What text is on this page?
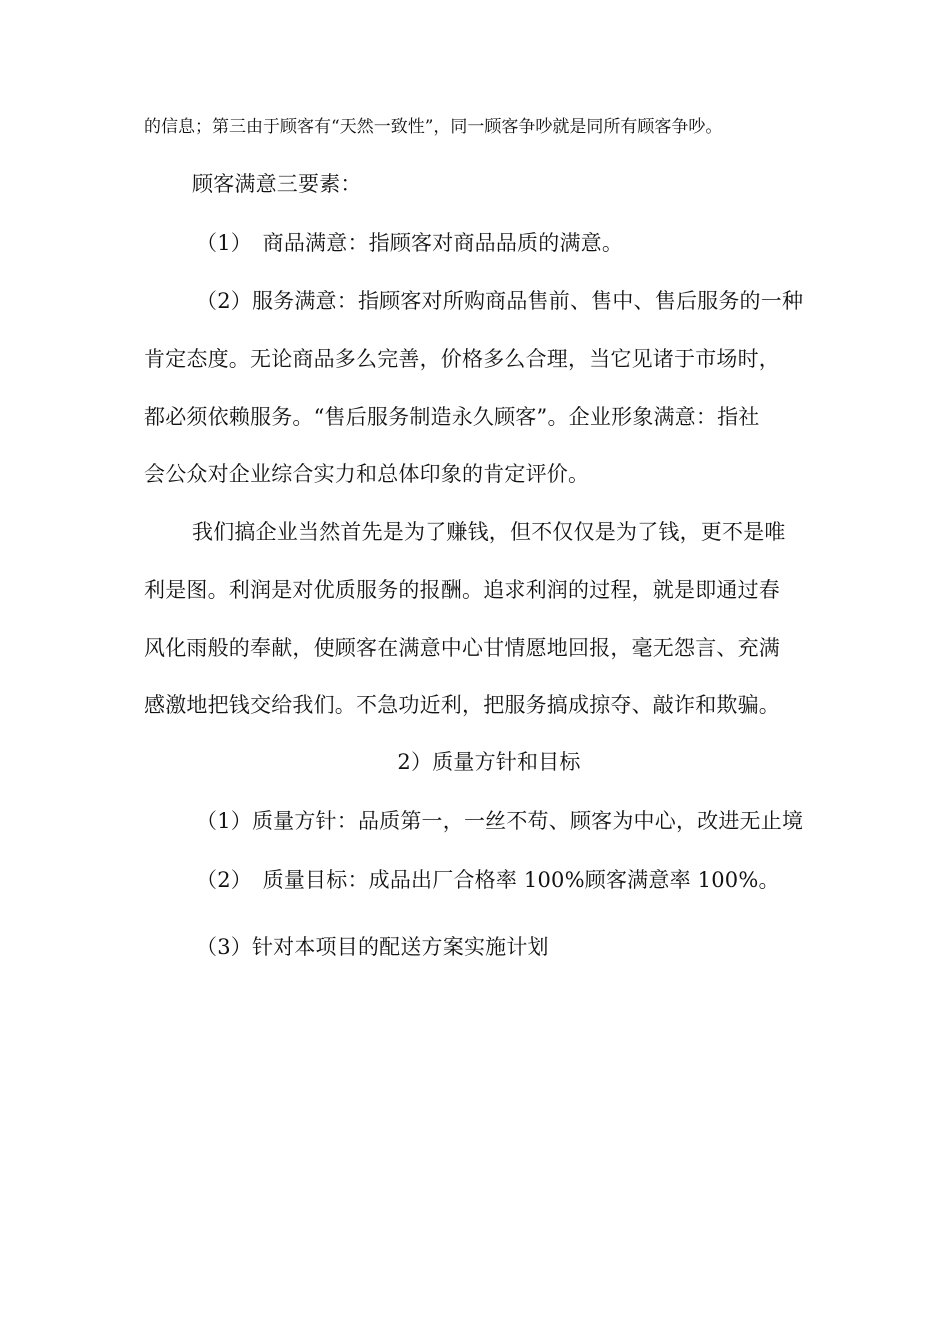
的信息；第三由于顾客有“天然一致性”，同一顾客争吵就是同所有顾客争吵。
顾客满意三要素：
（1）　商品满意：指顾客对商品品质的满意。
（2）服务满意：指顾客对所购商品售前、售中、售后服务的一种
肯定态度。无论商品多么完善，价格多么合理，当它见诸于市场时，
都必须依赖服务。“售后服务制造永久顾客”。企业形象满意：指社
会公众对企业综合实力和总体印象的肯定评价。
我们搞企业当然首先是为了赚钱，但不仅仅是为了钱，更不是唯
利是图。利润是对优质服务的报酬。追求利润的过程，就是即通过春
风化雨般的奉献，使顾客在满意中心甘情愿地回报，毫无怨言、充满
感激地把钱交给我们。不急功近利，把服务搞成掠夺、敲诈和欺骗。
2）质量方针和目标
（1）质量方针：品质第一，一丝不苟、顾客为中心，改进无止境
（2）　质量目标：成品出厂合格率 100%顾客满意率 100%。
（3）针对本项目的配送方案实施计划
